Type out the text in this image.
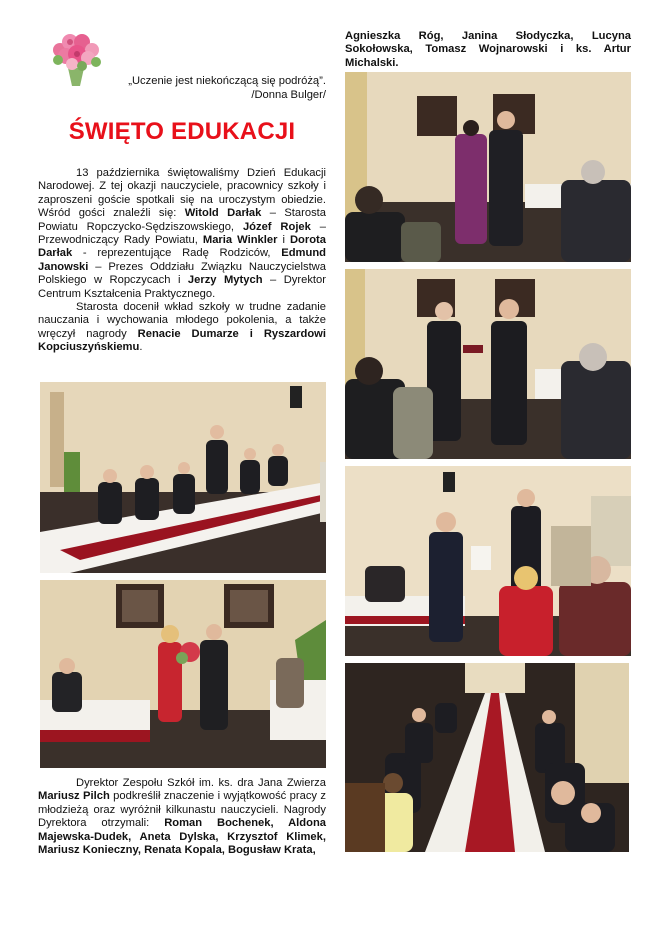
„Uczenie jest niekończącą się podróżą”.
/Donna Bulger/
ŚWIĘTO EDUKACJI

13 października świętowaliśmy Dzień Edukacji Narodowej. Z tej okazji nauczyciele, pracownicy szkoły i zaproszeni goście spotkali się na uroczystym obiedzie. Wśród gości znaleźli się: Witold Darłak – Starosta Powiatu Ropczycko-Sędziszowskiego, Józef Rojek – Przewodniczący Rady Powiatu, Maria Winkler i Dorota Darłak - reprezentujące Radę Rodziców, Edmund Janowski – Prezes Oddziału Związku Nauczycielstwa Polskiego w Ropczycach i Jerzy Mytych – Dyrektor Centrum Kształcenia Praktycznego.

Starosta docenił wkład szkoły w trudne zadanie nauczania i wychowania młodego pokolenia, a także wręczył nagrody Renacie Dumarze i Ryszardowi Kopciuszyńskiemu.

Dyrektor Zespołu Szkół im. ks. dra Jana Zwierza Mariusz Pilch podkreślił znaczenie i wyjątkowość pracy z młodzieżą oraz wyróżnił kilkunastu nauczycieli. Nagrody Dyrektora otrzymali: Roman Bochenek, Aldona Majewska-Dudek, Aneta Dylska, Krzysztof Klimek, Mariusz Konieczny, Renata Kopala, Bogusław Krata,

Agnieszka Róg, Janina Słodyczka, Lucyna Sokołowska, Tomasz Wojnarowski i ks. Artur Michalski.
